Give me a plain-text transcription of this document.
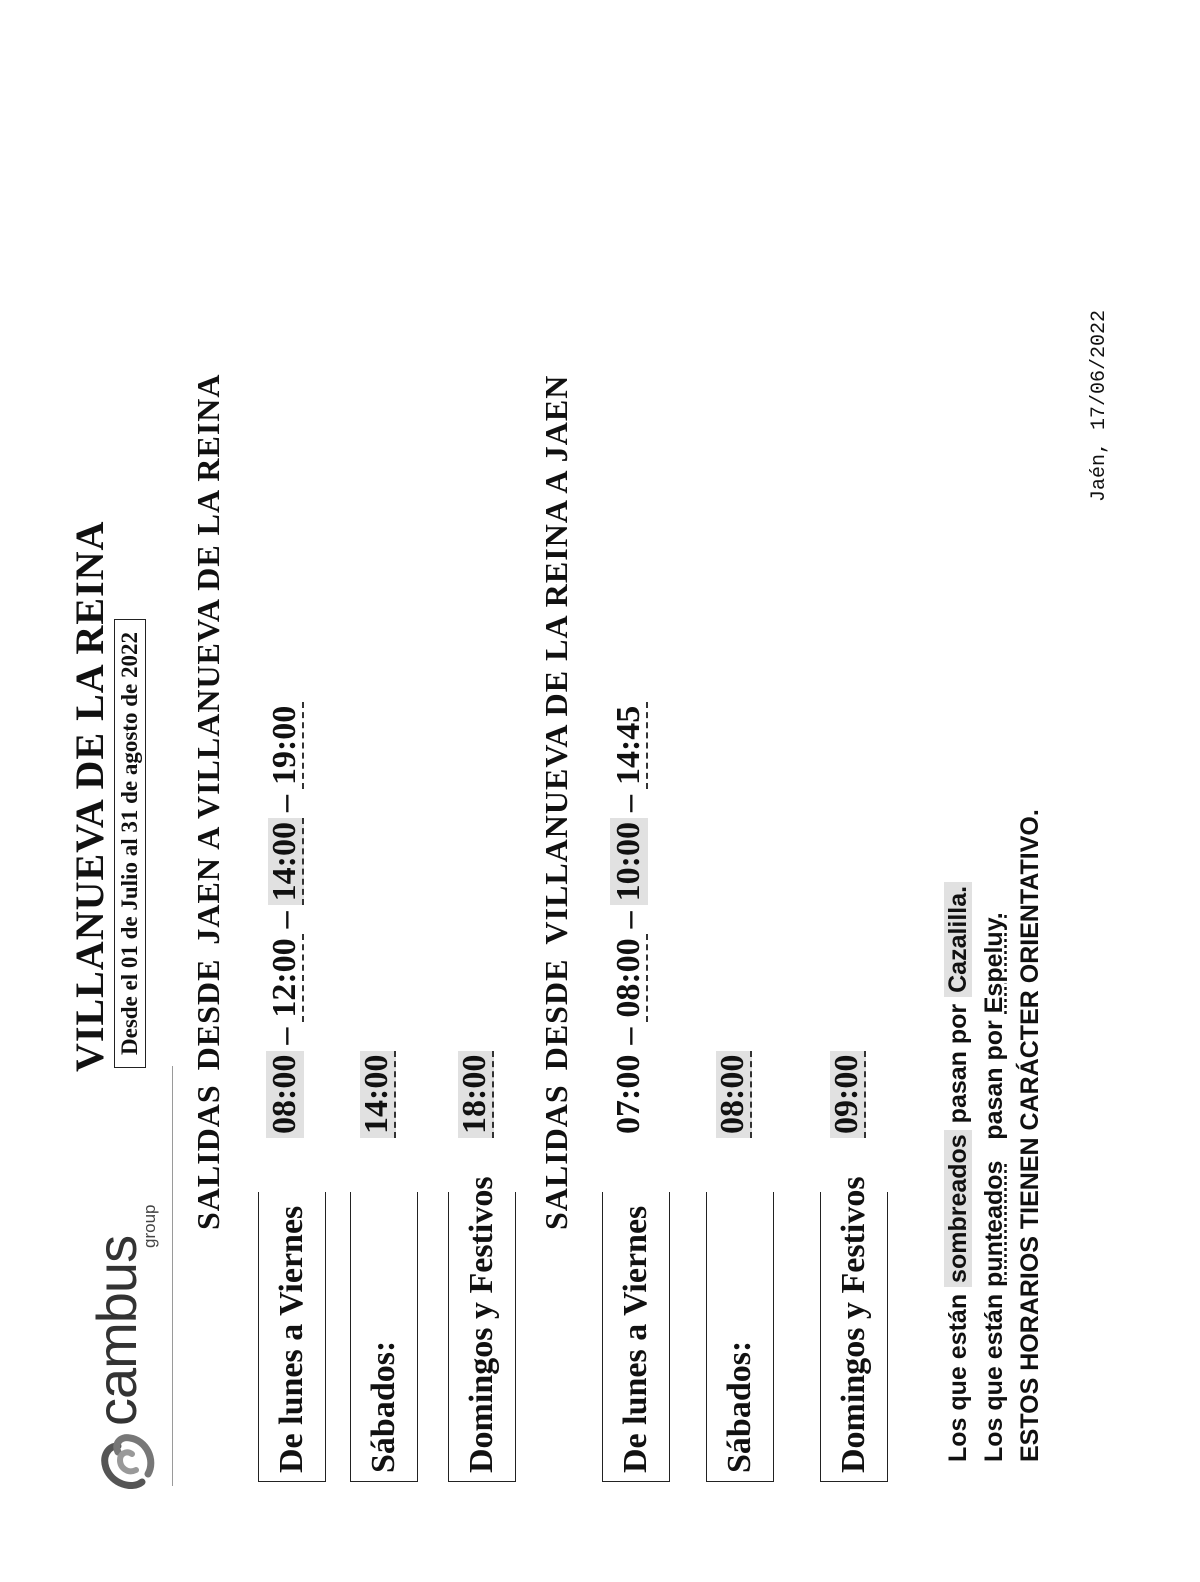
cambus
group
VILLANUEVA DE LA REINA Desde el 01 de Julio al 31 de agosto de 2022
SALIDASDESDEJAEN A VILLANUEVA DE LA REINA
De lunes a Viernes
08:00–12:00–14:00–19:00
Sábados:
14:00
Domingos y Festivos
18:00 SALIDASDESDEVILLANUEVA DE LA REINA A JAEN
De lunes a Viernes
07:00–08:00–10:00–14:45
Sábados:
08:00
Domingos y Festivos
09:00
Los que están sombreados pasan por Cazalilla.
Los que están punteados   pasan por Espeluy. ESTOS HORARIOS TIENEN CARÁCTER ORIENTATIVO.
Jaén, 17/06/2022
